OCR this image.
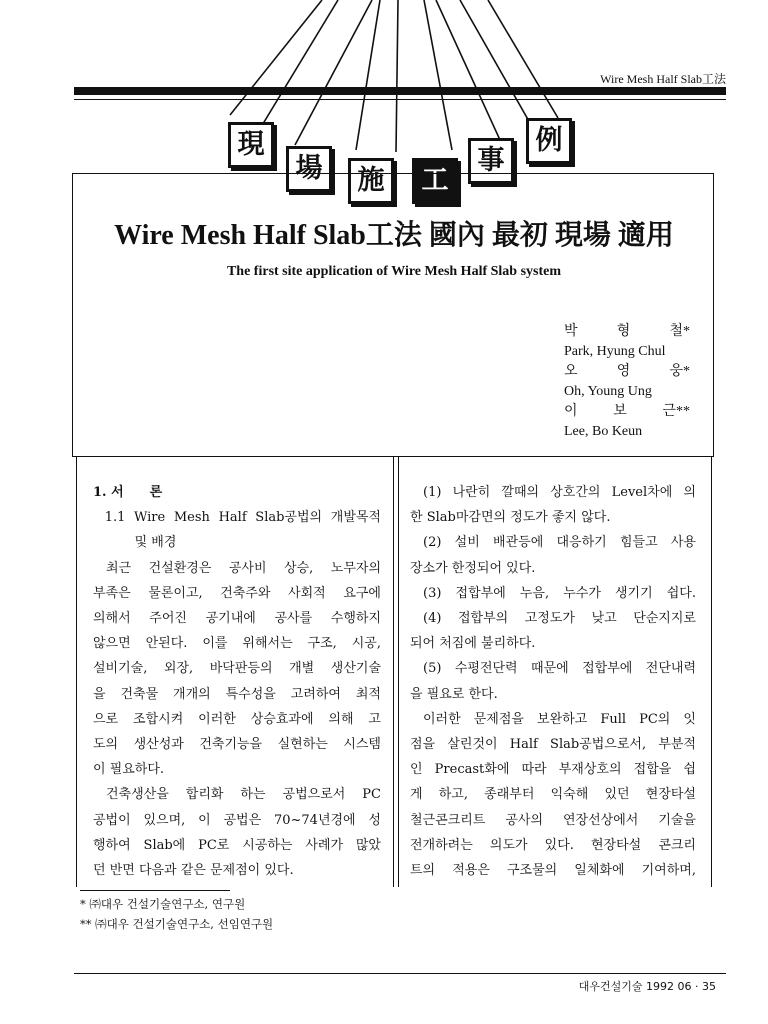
Wire Mesh Half Slab工法
現
場	施	工
事
例
Wire Mesh Half Slab工法 國內 最初 現場 適用
The first site application of Wire Mesh Half Slab system
박	형	철*
Park, Hyung Chul
오	영	웅*
Oh, Young Ung
이	보	근**
Lee, Bo Keun

1. 서　　론

1.1 Wire Mesh Half Slab공법의 개발목적

및 배경

최근 건설환경은 공사비 상승, 노무자의

부족은 물론이고, 건축주와 사회적 요구에

의해서 주어진 공기내에 공사를 수행하지

않으면 안된다. 이를 위해서는 구조, 시공,

설비기술, 외장, 바닥판등의 개별 생산기술

을 건축물 개개의 특수성을 고려하여 최적

으로 조합시켜 이러한 상승효과에 의해 고

도의 생산성과 건축기능을 실현하는 시스템

이 필요하다.

건축생산을 합리화 하는 공법으로서 PC

공법이 있으며, 이 공법은 70~74년경에 성

행하여 Slab에 PC로 시공하는 사례가 많았

던 반면 다음과 같은 문제점이 있다.

(1) 나란히 깔때의 상호간의 Level차에 의

한 Slab마감면의 정도가 좋지 않다.

(2) 설비 배관등에 대응하기 힘들고 사용

장소가 한정되어 있다.

(3) 접합부에 누음, 누수가 생기기 쉽다.

(4) 접합부의 고정도가 낮고 단순지지로

되어 처짐에 불리하다.

(5) 수평전단력 때문에 접합부에 전단내력

을 필요로 한다.

이러한 문제점을 보완하고 Full PC의 잇

점을 살린것이 Half Slab공법으로서, 부분적

인 Precast화에 따라 부재상호의 접합을 쉽

게 하고, 종래부터 익숙해 있던 현장타설

철근콘크리트 공사의 연장선상에서 기술을

전개하려는 의도가 있다. 현장타설 콘크리

트의 적용은 구조물의 일체화에 기여하며,

* ㈜대우 건설기술연구소, 연구원
** ㈜대우 건설기술연구소, 선임연구원
대우건설기술 1992 06 · 35
